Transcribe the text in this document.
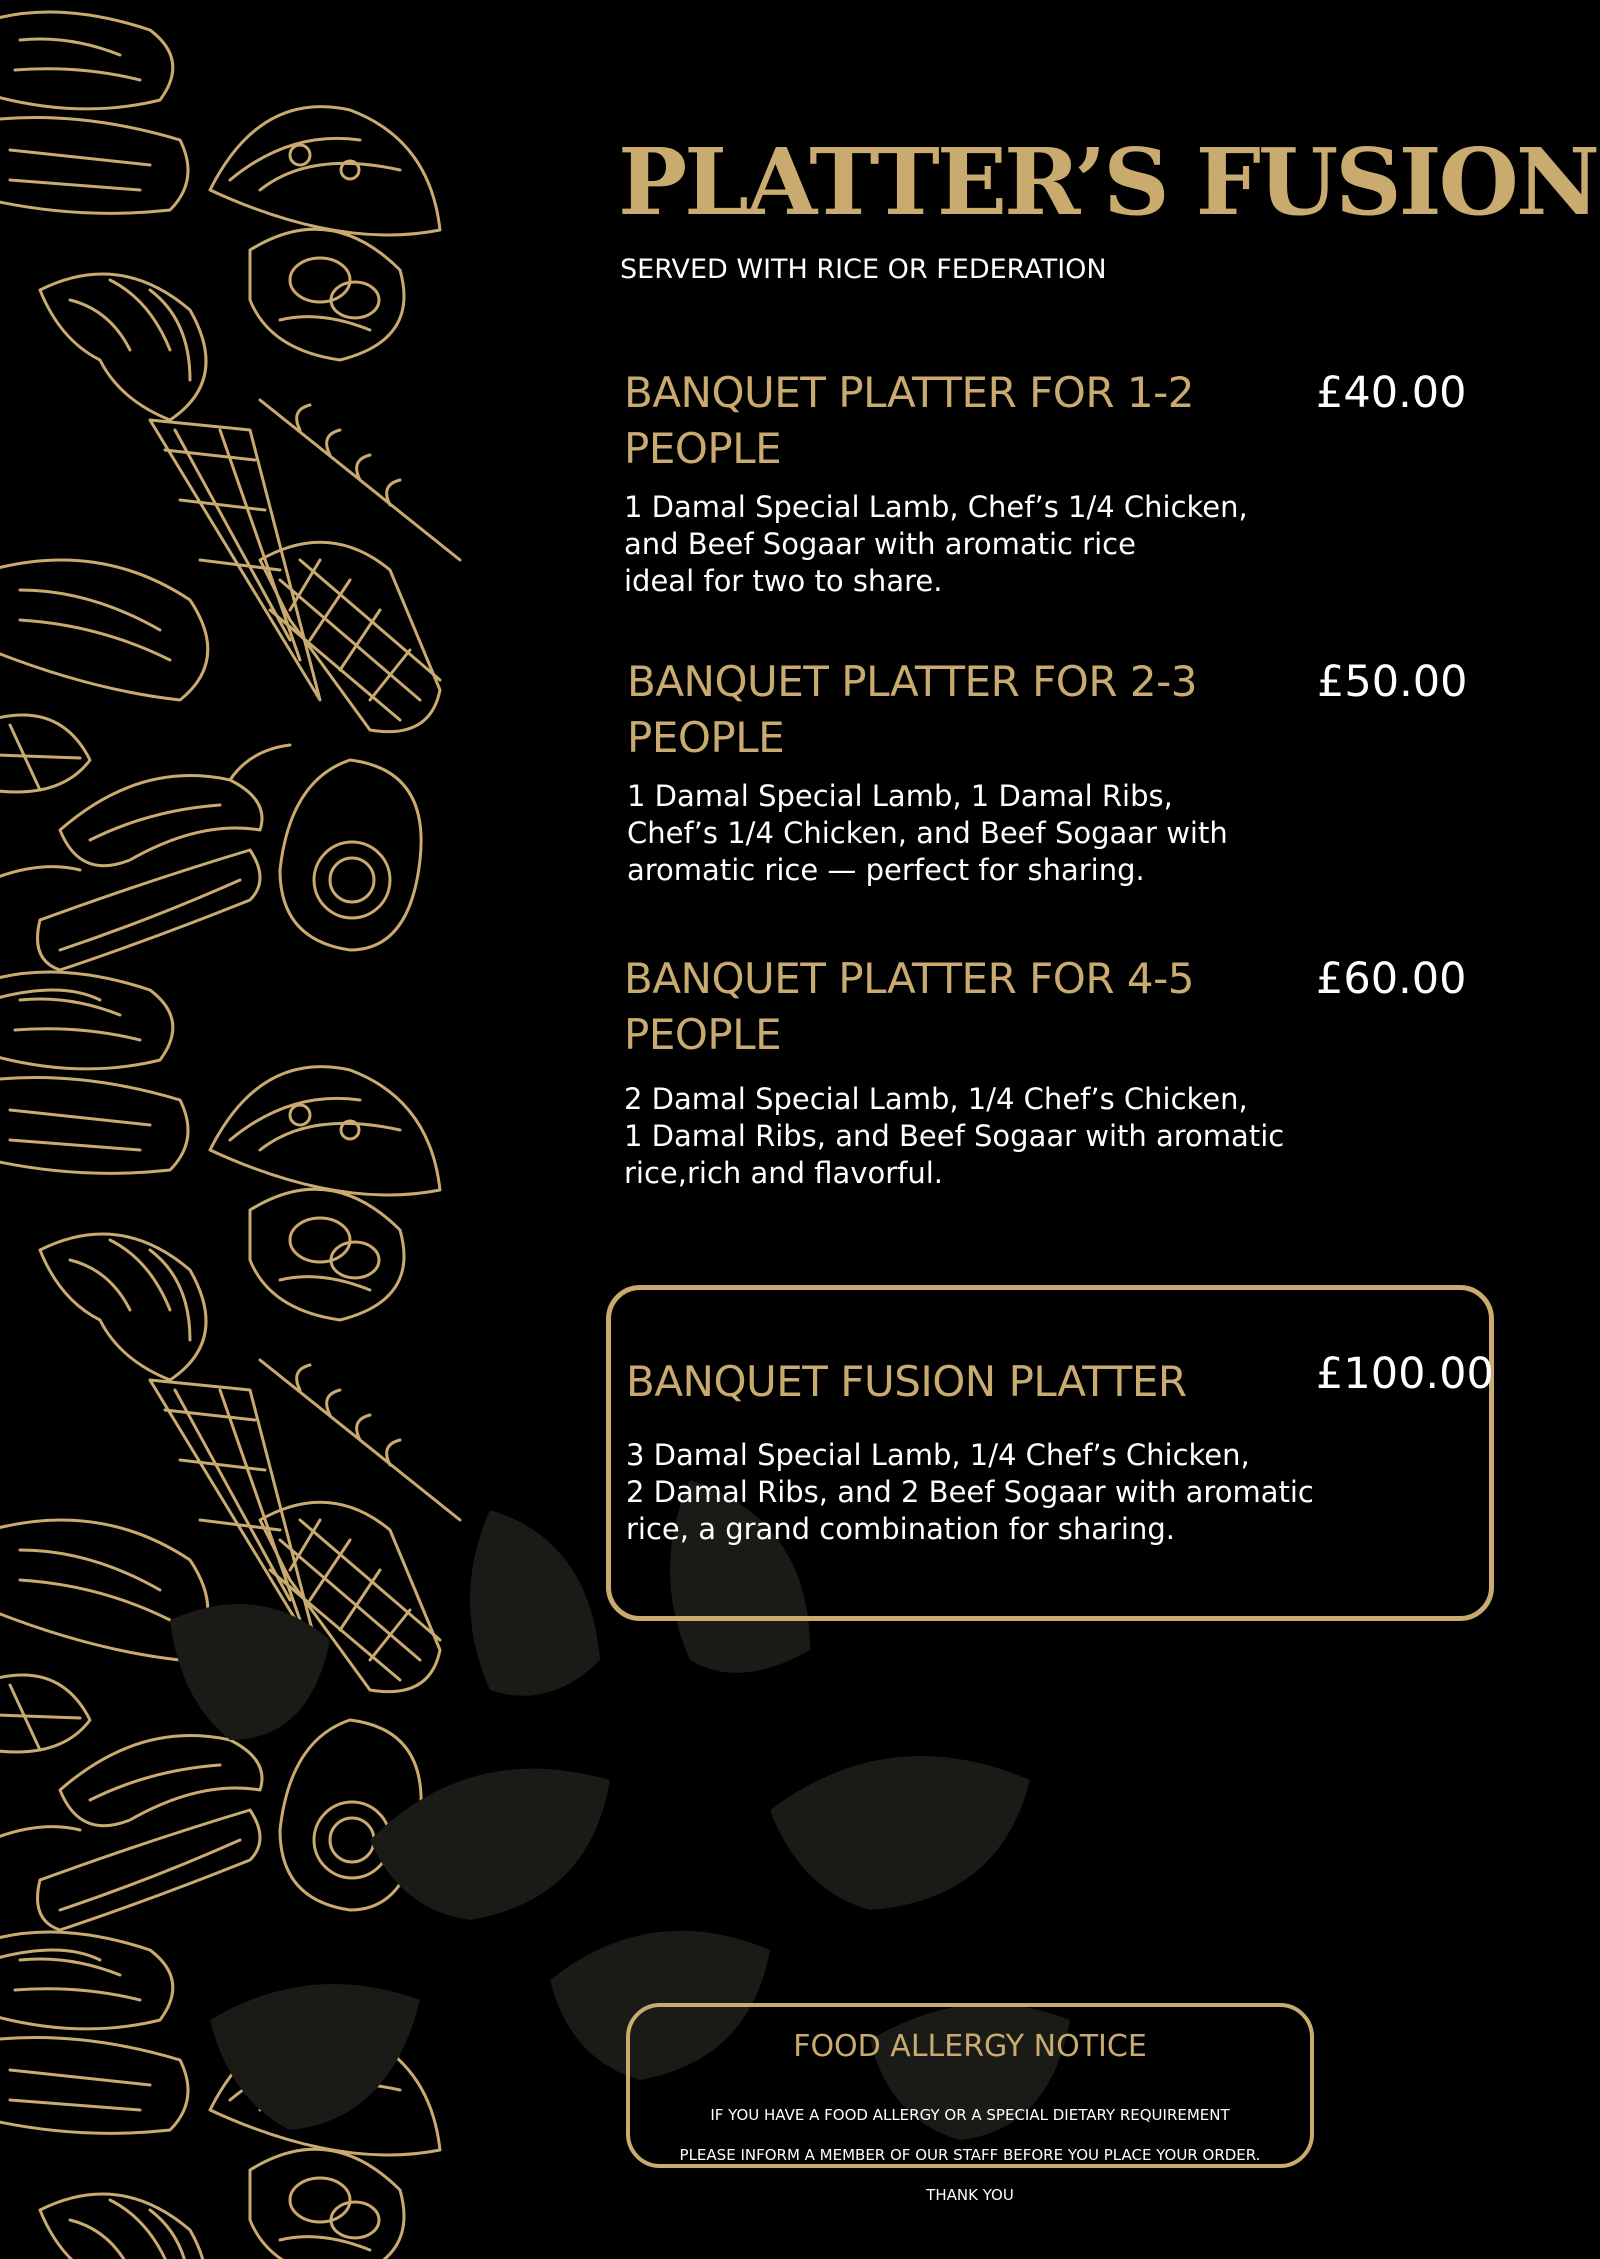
PLATTER’S FUSION
SERVED WITH RICE OR FEDERATION
BANQUET PLATTER FOR 1-2 PEOPLE
£40.00
1 Damal Special Lamb, Chef’s 1/4 Chicken,
and Beef Sogaar with aromatic rice
ideal for two to share.
BANQUET PLATTER FOR 2-3 PEOPLE
£50.00
1 Damal Special Lamb, 1 Damal Ribs,
Chef’s 1/4 Chicken, and Beef Sogaar with
aromatic rice — perfect for sharing.
BANQUET PLATTER FOR 4-5 PEOPLE
£60.00
2 Damal Special Lamb, 1/4 Chef’s Chicken,
1 Damal Ribs, and Beef Sogaar with aromatic
rice,rich and flavorful.
BANQUET FUSION PLATTER	£100.00
3 Damal Special Lamb, 1/4 Chef’s Chicken,
2 Damal Ribs, and 2 Beef Sogaar with aromatic
rice, a grand combination for sharing.
FOOD ALLERGY NOTICE

IF YOU HAVE A FOOD ALLERGY OR A SPECIAL DIETARY REQUIREMENT

PLEASE INFORM A MEMBER OF OUR STAFF BEFORE YOU PLACE YOUR ORDER.

THANK YOU
